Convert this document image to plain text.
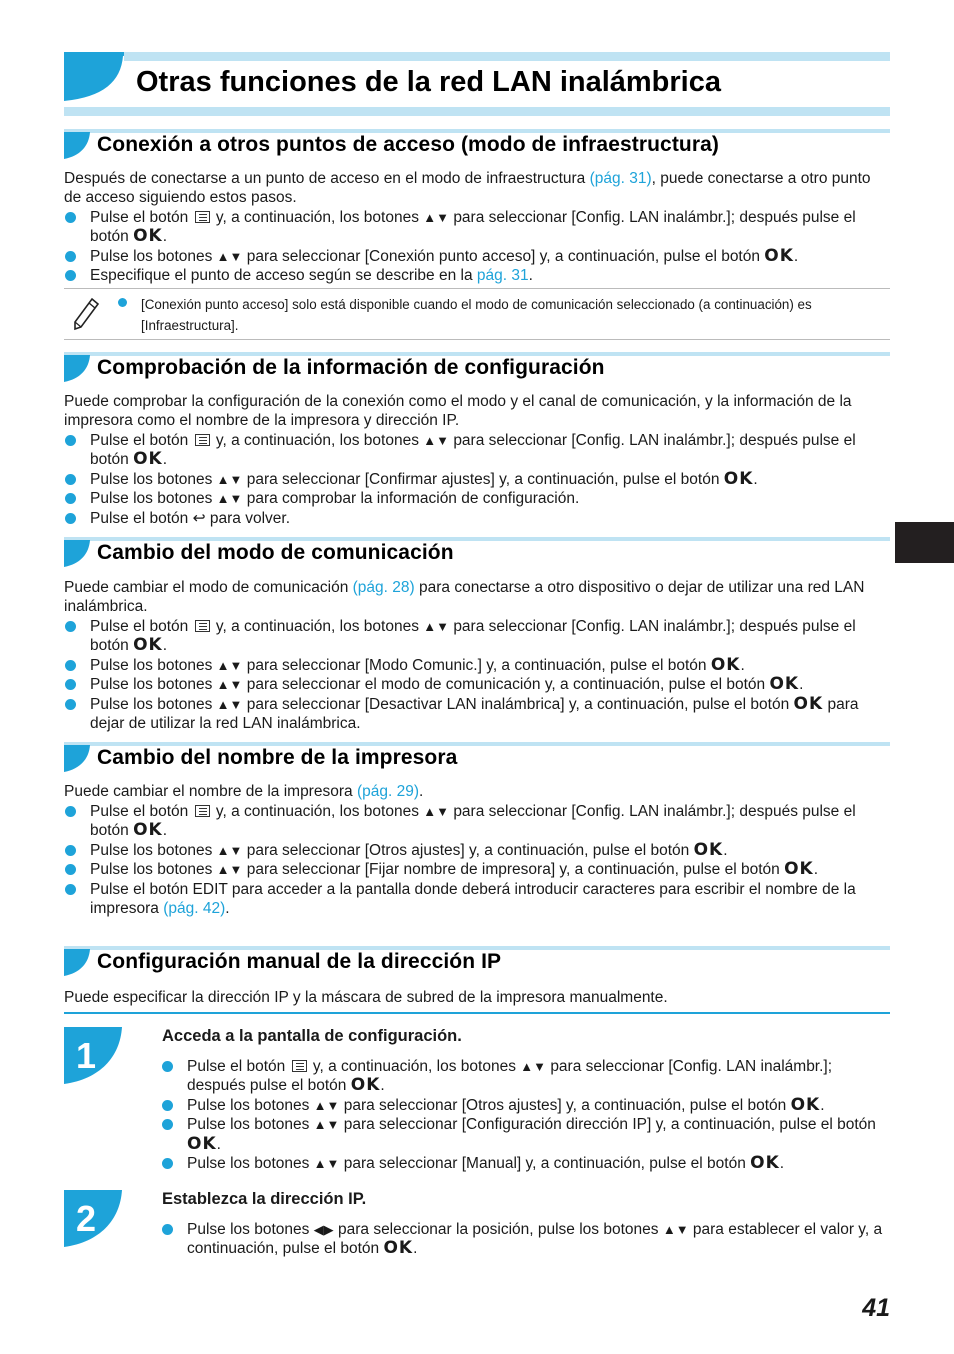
Otras funciones de la red LAN inalámbrica
Conexión a otros puntos de acceso (modo de infraestructura)

Después de conectarse a un punto de acceso en el modo de infraestructura (pág. 31), puede conectarse a otro punto de acceso siguiendo estos pasos.

Pulse el botón y, a continuación, los botones ▲▼ para seleccionar [Config. LAN inalámbr.]; después pulse el botón OK.
Pulse los botones ▲▼ para seleccionar [Conexión punto acceso] y, a continuación, pulse el botón OK.
Especifique el punto de acceso según se describe en la pág. 31.

[Conexión punto acceso] solo está disponible cuando el modo de comunicación seleccionado (a continuación) es [Infraestructura].

Comprobación de la información de configuración

Puede comprobar la configuración de la conexión como el modo y el canal de comunicación, y la información de la impresora como el nombre de la impresora y dirección IP.

Pulse el botón y, a continuación, los botones ▲▼ para seleccionar [Config. LAN inalámbr.]; después pulse el botón OK.
Pulse los botones ▲▼ para seleccionar [Confirmar ajustes] y, a continuación, pulse el botón OK.
Pulse los botones ▲▼ para comprobar la información de configuración.
Pulse el botón ↩ para volver.
Cambio del modo de comunicación

Puede cambiar el modo de comunicación (pág. 28) para conectarse a otro dispositivo o dejar de utilizar una red LAN inalámbrica.

Pulse el botón y, a continuación, los botones ▲▼ para seleccionar [Config. LAN inalámbr.]; después pulse el botón OK.
Pulse los botones ▲▼ para seleccionar [Modo Comunic.] y, a continuación, pulse el botón OK.
Pulse los botones ▲▼ para seleccionar el modo de comunicación y, a continuación, pulse el botón OK.
Pulse los botones ▲▼ para seleccionar [Desactivar LAN inalámbrica] y, a continuación, pulse el botón OK para dejar de utilizar la red LAN inalámbrica.
Cambio del nombre de la impresora

Puede cambiar el nombre de la impresora (pág. 29).

Pulse el botón y, a continuación, los botones ▲▼ para seleccionar [Config. LAN inalámbr.]; después pulse el botón OK.
Pulse los botones ▲▼ para seleccionar [Otros ajustes] y, a continuación, pulse el botón OK.
Pulse los botones ▲▼ para seleccionar [Fijar nombre de impresora] y, a continuación, pulse el botón OK.
Pulse el botón EDIT para acceder a la pantalla donde deberá introducir caracteres para escribir el nombre de la impresora (pág. 42).
Configuración manual de la dirección IP

Puede especificar la dirección IP y la máscara de subred de la impresora manualmente.

1	Acceda a la pantalla de configuración.

Pulse el botón y, a continuación, los botones ▲▼ para seleccionar [Config. LAN inalámbr.]; después pulse el botón OK.
Pulse los botones ▲▼ para seleccionar [Otros ajustes] y, a continuación, pulse el botón OK.
Pulse los botones ▲▼ para seleccionar [Configuración dirección IP] y, a continuación, pulse el botón OK.
Pulse los botones ▲▼ para seleccionar [Manual] y, a continuación, pulse el botón OK.
2	Establezca la dirección IP.

Pulse los botones ◀▶ para seleccionar la posición, pulse los botones ▲▼ para establecer el valor y, a continuación, pulse el botón OK.

41
